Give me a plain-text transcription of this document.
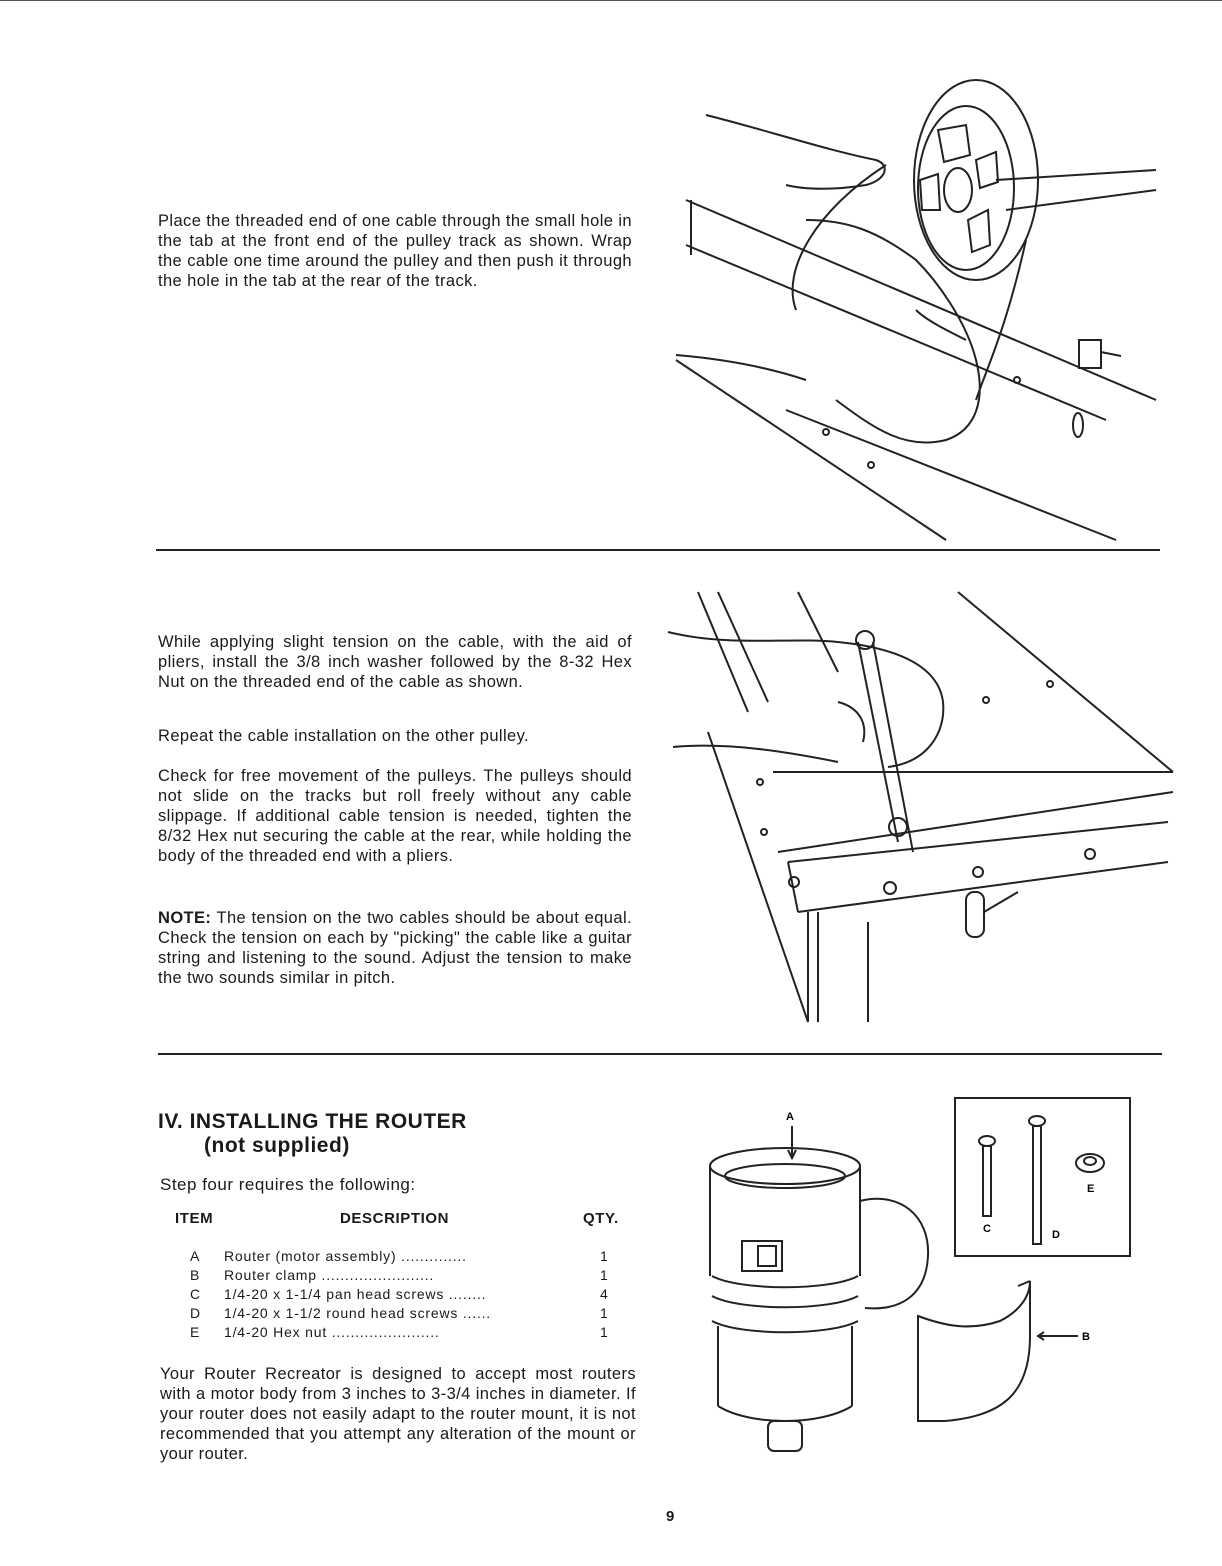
Place the threaded end of one cable through the small hole in the tab at the front end of the pulley track as shown. Wrap the cable one time around the pulley and then push it through the hole in the tab at the rear of the track.
While applying slight tension on the cable, with the aid of pliers, install the 3/8 inch washer followed by the 8-32 Hex Nut on the threaded end of the cable as shown.
Repeat the cable installation on the other pulley.
Check for free movement of the pulleys. The pulleys should not slide on the tracks but roll freely without any cable slippage. If additional cable tension is needed, tighten the 8/32 Hex nut securing the cable at the rear, while holding the body of the threaded end with a pliers.
NOTE: The tension on the two cables should be about equal. Check the tension on each by "picking" the cable like a guitar string and listening to the sound. Adjust the tension to make the two sounds similar in pitch.
IV. INSTALLING THE ROUTER
(not supplied)
Step four requires the following:
ITEM	DESCRIPTION	QTY.
A	Router (motor assembly) ..............	1
B	Router clamp ........................	1
C	1/4-20 x 1-1/4 pan head screws ........	4
D	1/4-20 x 1-1/2 round head screws ......	1
E	1/4-20 Hex nut .......................	1
Your Router Recreator is designed to accept most routers with a motor body from 3 inches to 3-3/4 inches in diameter. If your router does not easily adapt to the router mount, it is not recommended that you attempt any alteration of the mount or your router.
A
B
C	D
E
9
